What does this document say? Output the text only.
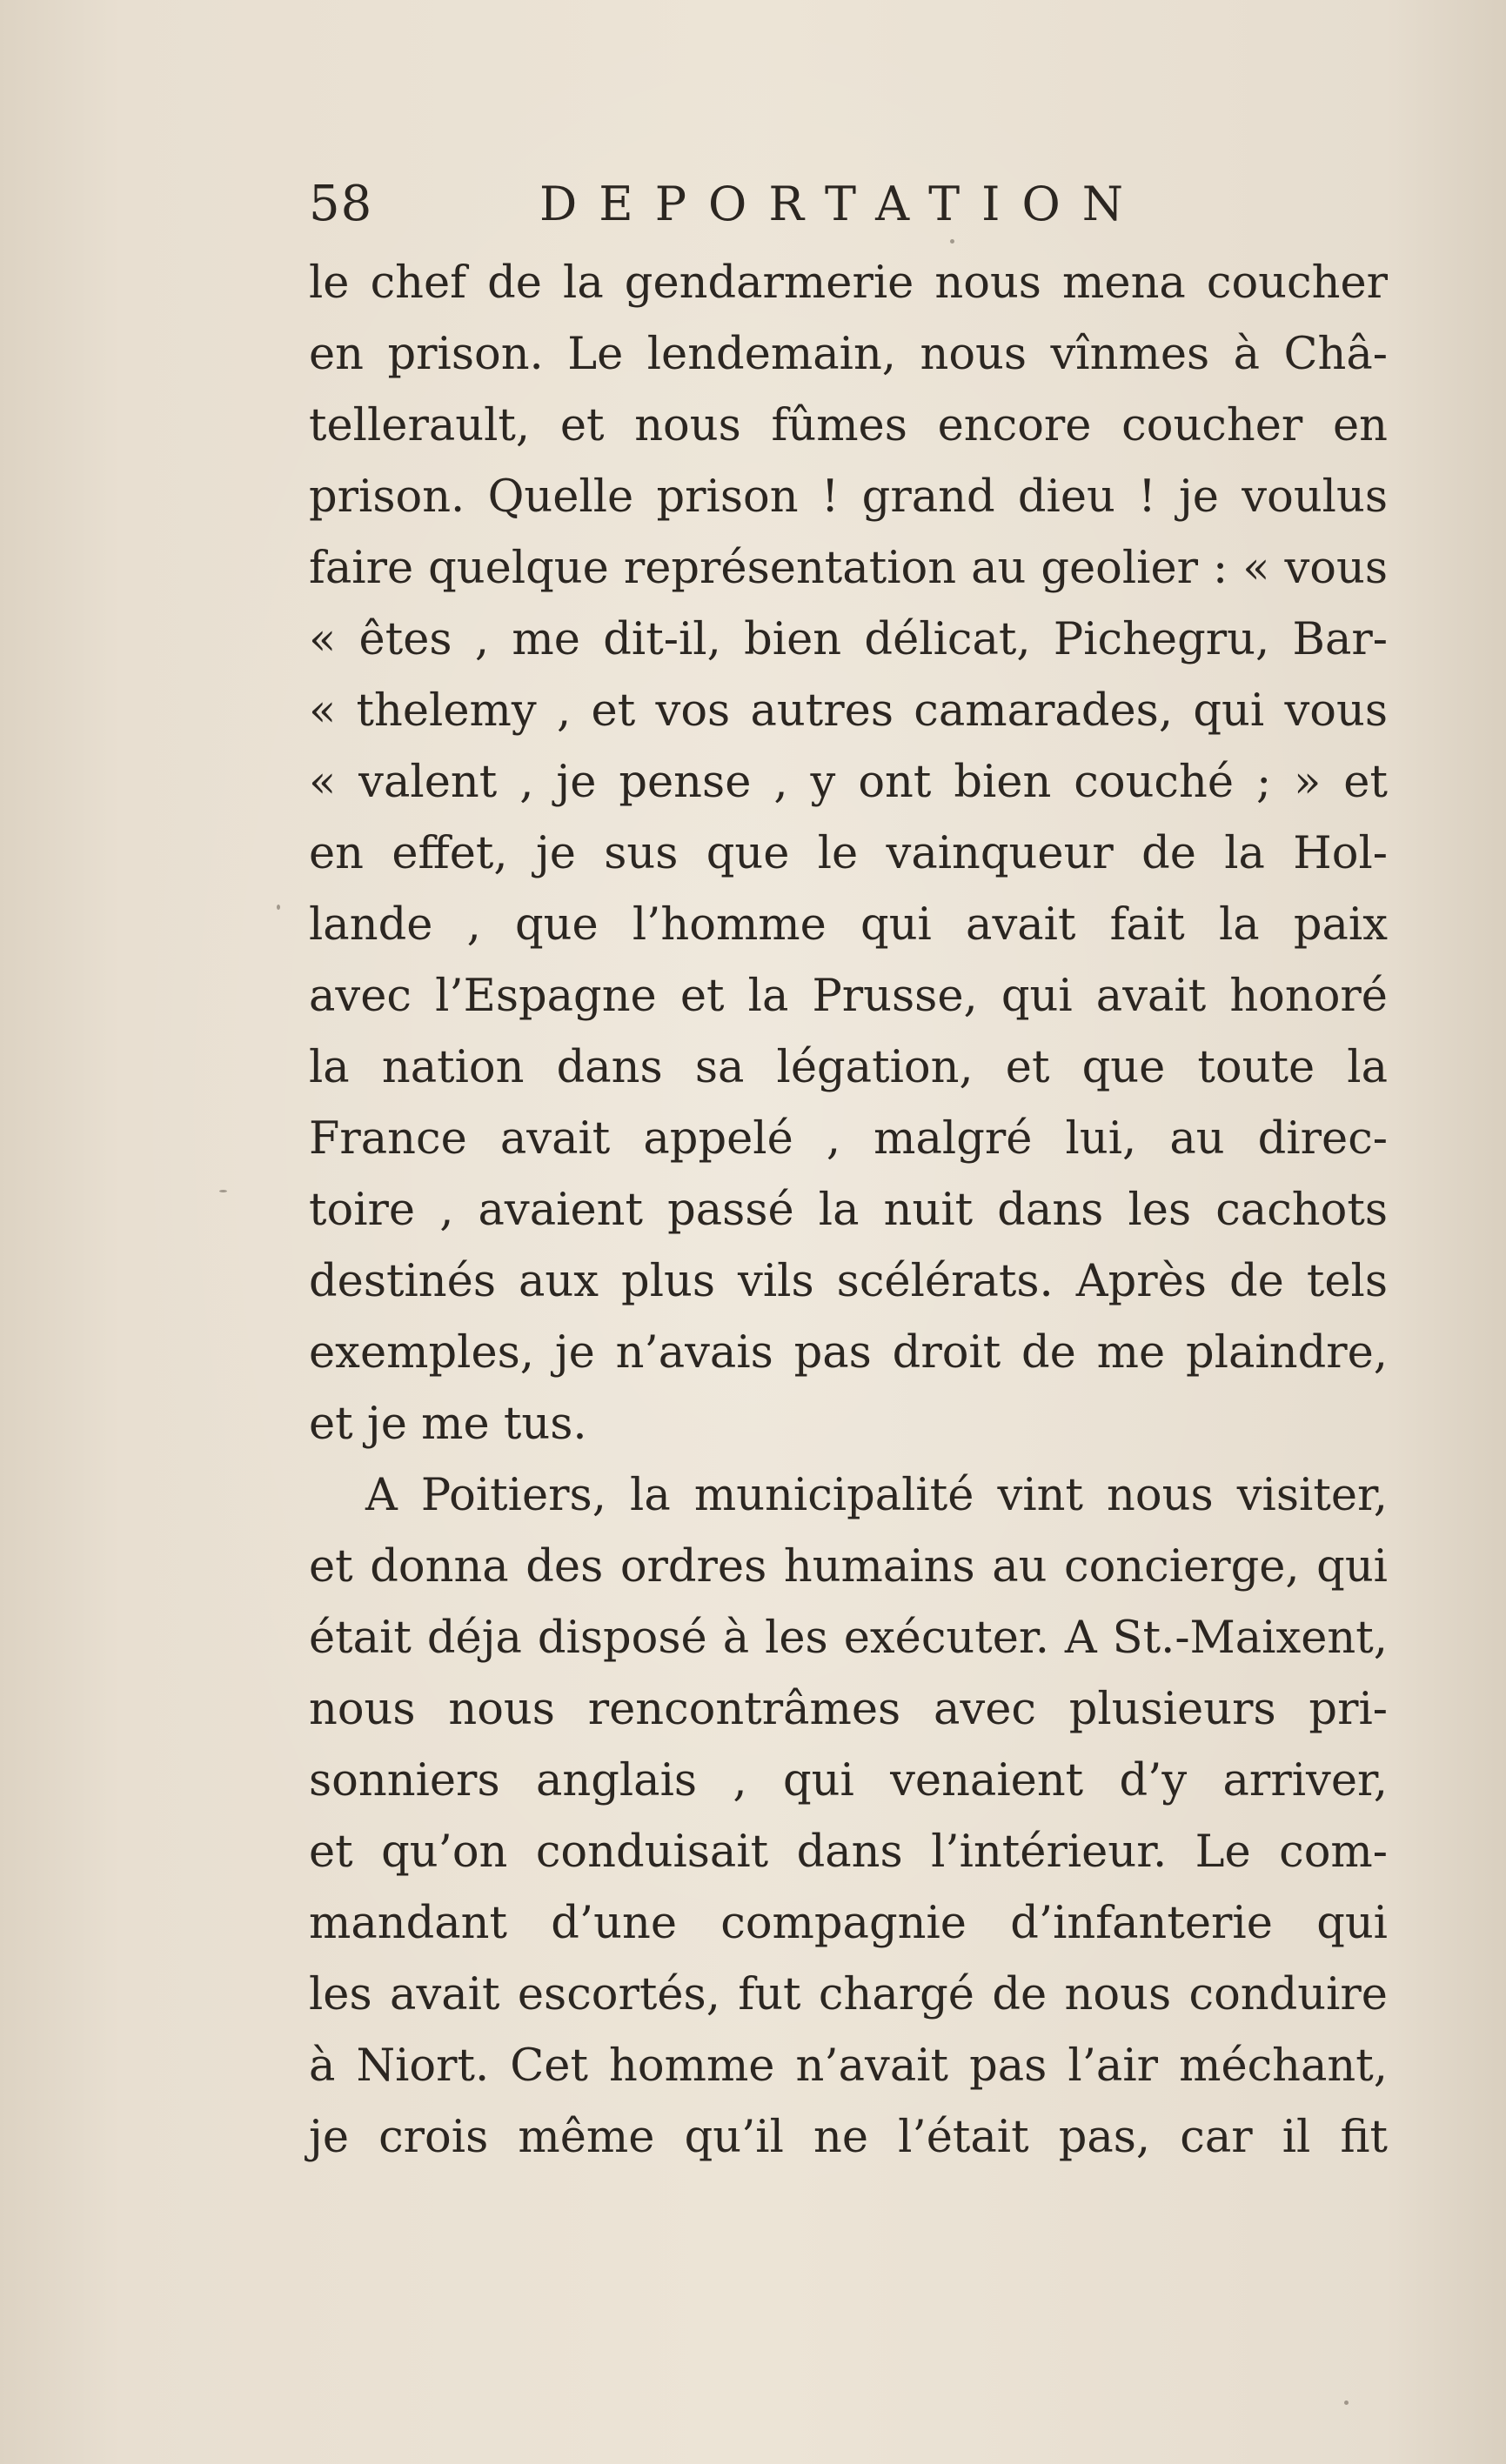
58	DEPORTATION
le chef de la gendarmerie nous mena coucher
en prison. Le lendemain, nous vînmes à Châ-
tellerault, et nous fûmes encore coucher en
prison. Quelle prison ! grand dieu ! je voulus
faire quelque représentation au geolier : « vous
« êtes , me dit-il, bien délicat, Pichegru, Bar-
« thelemy , et vos autres camarades, qui vous
« valent , je pense , y ont bien couché ; » et
en effet, je sus que le vainqueur de la Hol-
lande , que l’homme qui avait fait la paix
avec l’Espagne et la Prusse, qui avait honoré
la nation dans sa légation, et que toute la
France avait appelé , malgré lui, au direc-
toire , avaient passé la nuit dans les cachots
destinés aux plus vils scélérats. Après de tels
exemples, je n’avais pas droit de me plaindre,
et je me tus.
A Poitiers, la municipalité vint nous visiter,
et donna des ordres humains au concierge, qui
était déja disposé à les exécuter. A St.-Maixent,
nous nous rencontrâmes avec plusieurs pri-
sonniers anglais , qui venaient d’y arriver,
et qu’on conduisait dans l’intérieur. Le com-
mandant d’une compagnie d’infanterie qui
les avait escortés, fut chargé de nous conduire
à Niort. Cet homme n’avait pas l’air méchant,
je crois même qu’il ne l’était pas, car il fit
